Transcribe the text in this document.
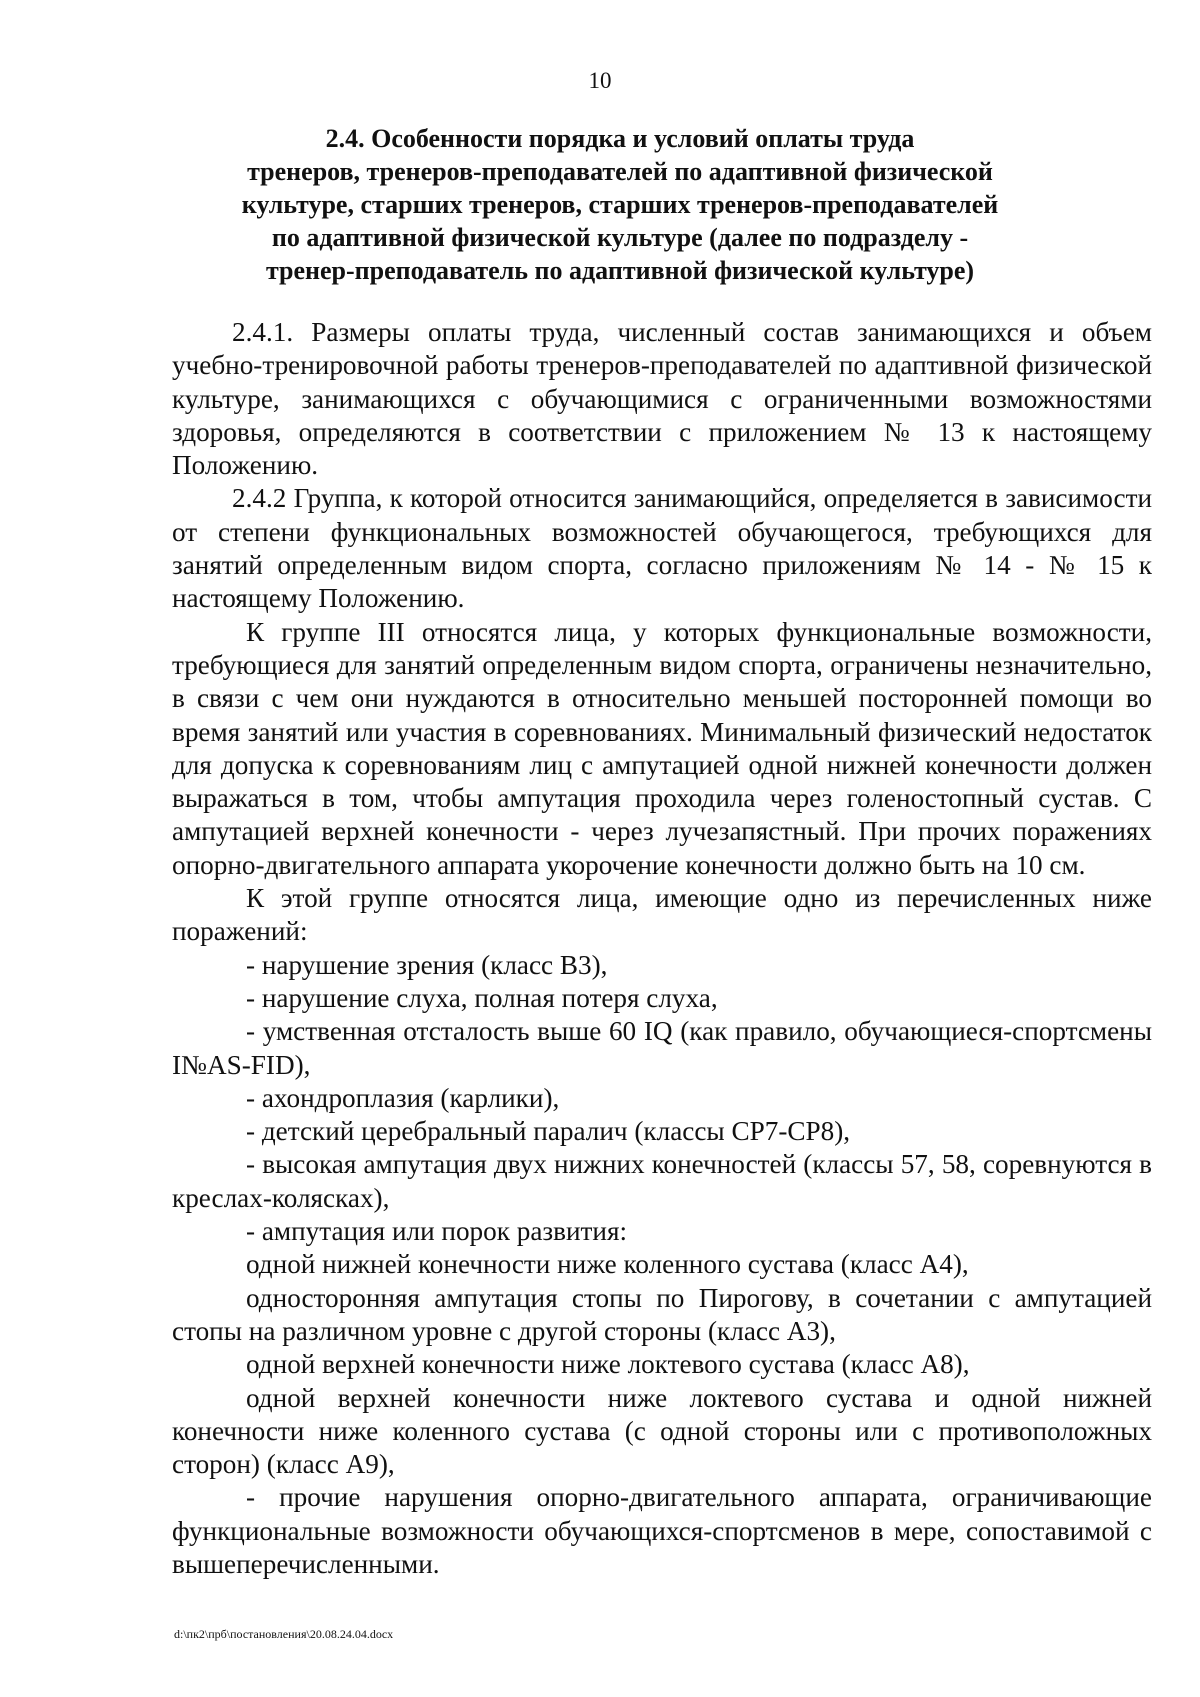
10
2.4. Особенности порядка и условий оплаты труда
тренеров, тренеров-преподавателей по адаптивной физической
культуре, старших тренеров, старших тренеров-преподавателей
по адаптивной физической культуре (далее по подразделу -
тренер-преподаватель по адаптивной физической культуре)

2.4.1. Размеры оплаты труда, численный состав занимающихся и объем учебно-тренировочной работы тренеров-преподавателей по адаптивной физической культуре, занимающихся с обучающимися с ограниченными возможностями здоровья, определяются в соответствии с приложением № 13 к настоящему Положению.

2.4.2 Группа, к которой относится занимающийся, определяется в зависимости от степени функциональных возможностей обучающегося, требующихся для занятий определенным видом спорта, согласно приложениям № 14 - № 15 к настоящему Положению.

К группе III относятся лица, у которых функциональные возможности, требующиеся для занятий определенным видом спорта, ограничены незначительно, в связи с чем они нуждаются в относительно меньшей посторонней помощи во время занятий или участия в соревнованиях. Минимальный физический недостаток для допуска к соревнованиям лиц с ампутацией одной нижней конечности должен выражаться в том, чтобы ампутация проходила через голеностопный сустав. С ампутацией верхней конечности - через лучезапястный. При прочих поражениях опорно-двигательного аппарата укорочение конечности должно быть на 10 см.

К этой группе относятся лица, имеющие одно из перечисленных ниже поражений:

- нарушение зрения (класс В3),

- нарушение слуха, полная потеря слуха,

- умственная отсталость выше 60 IQ (как правило, обучающиеся-спортсмены I№AS-FID),

- ахондроплазия (карлики),

- детский церебральный паралич (классы СР7-СР8),

- высокая ампутация двух нижних конечностей (классы 57, 58, соревнуются в креслах-колясках),

- ампутация или порок развития:

одной нижней конечности ниже коленного сустава (класс А4),

односторонняя ампутация стопы по Пирогову, в сочетании с ампутацией стопы на различном уровне с другой стороны (класс А3),

одной верхней конечности ниже локтевого сустава (класс А8),

одной верхней конечности ниже локтевого сустава и одной нижней конечности ниже коленного сустава (с одной стороны или с противоположных сторон) (класс А9),

- прочие нарушения опорно-двигательного аппарата, ограничивающие функциональные возможности обучающихся-спортсменов в мере, сопоставимой с вышеперечисленными.

d:\пк2\прб\постановления\20.08.24.04.docx
